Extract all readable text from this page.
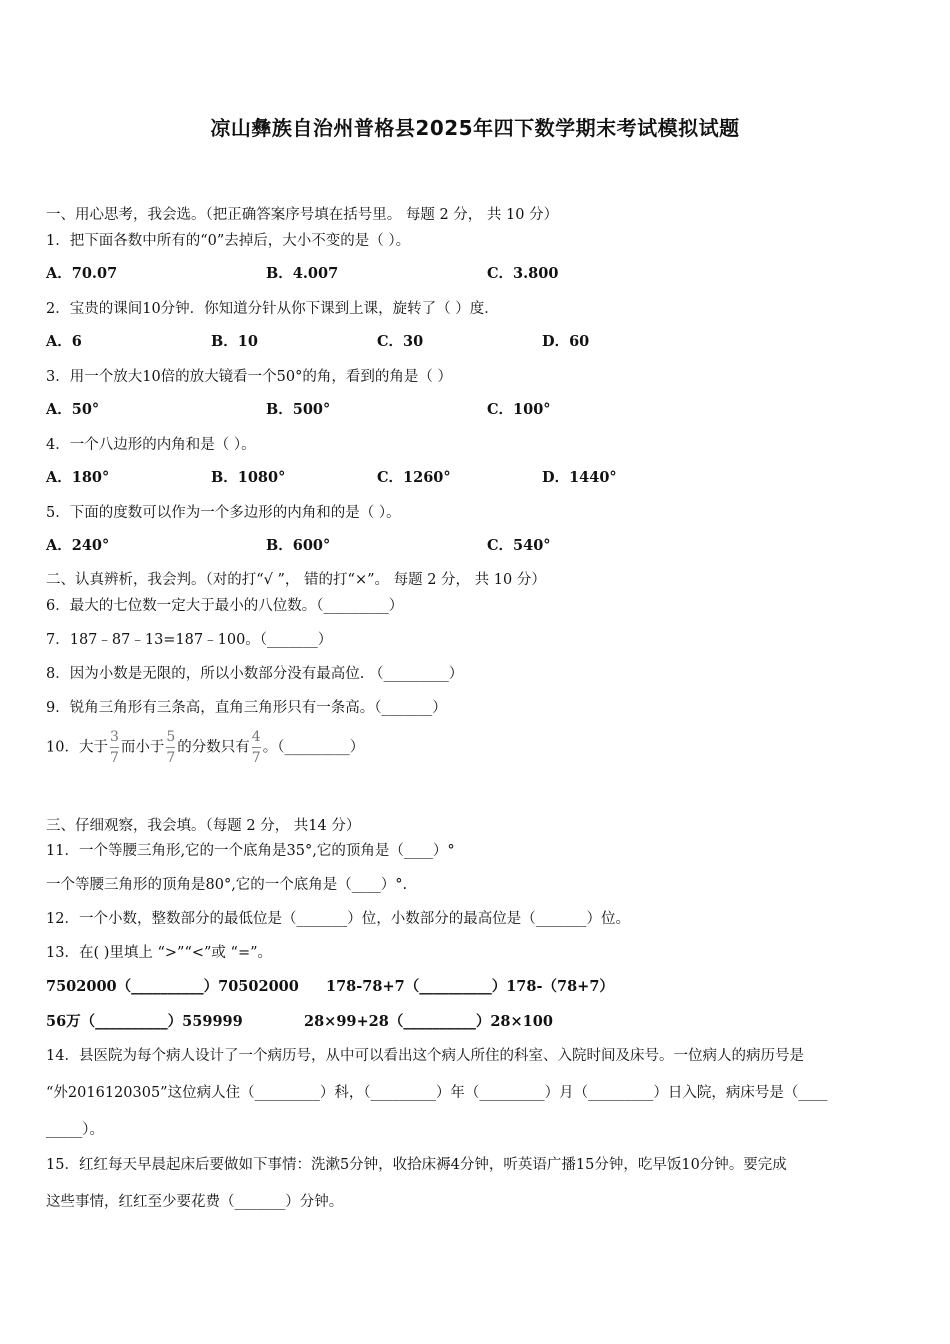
凉山彝族自治州普格县2025年四下数学期末考试模拟试题
一、用心思考，我会选。（把正确答案序号填在括号里。 每题 2 分， 共 10 分）
1．把下面各数中所有的“0”去掉后，大小不变的是（ ）。
A．70.07	B．4.007	C．3.800
2．宝贵的课间10分钟．你知道分针从你下课到上课，旋转了（ ）度．
A．6	B．10	C．30	D．60
3．用一个放大10倍的放大镜看一个50°的角，看到的角是（ ）
A．50°	B．500°	C．100°
4．一个八边形的内角和是（ ）。
A．180°	B．1080°	C．1260°	D．1440°
5．下面的度数可以作为一个多边形的内角和的是（ ）。
A．240°	B．600°	C．540°
二、认真辨析，我会判。（对的打“√ ”， 错的打“×”。 每题 2 分， 共 10 分）
6．最大的七位数一定大于最小的八位数。（_________）
7．187﹣87﹣13=187﹣100。（_______）
8．因为小数是无限的，所以小数部分没有最高位. （_________）
9．锐角三角形有三条高，直角三角形只有一条高。（_______）
10．大于 $\frac{3}{7}$ 而小于 $\frac{5}{7}$ 的分数只有 $\frac{4}{7}$ 。（_________）
三、仔细观察，我会填。（每题 2 分， 共14 分）
11．一个等腰三角形,它的一个底角是35°,它的顶角是（____）°
一个等腰三角形的顶角是80°,它的一个底角是（____）°.
12．一个小数，整数部分的最低位是（_______）位，小数部分的最高位是（_______）位。
13．在( )里填上 “>”“<”或 “=”。
7502000（__________）70502000 178-78+7（__________）178-（78+7）
56万（__________）559999	28×99+28（__________）28×100
14．县医院为每个病人设计了一个病历号，从中可以看出这个病人所住的科室、入院时间及床号。一位病人的病历号是
“外2016120305”这位病人住（_________）科，（_________）年（_________）月（_________）日入院，病床号是（____
_____）。
15．红红每天早晨起床后要做如下事情：洗漱5分钟，收拾床褥4分钟，听英语广播15分钟，吃早饭10分钟。要完成
这些事情，红红至少要花费（_______）分钟。
